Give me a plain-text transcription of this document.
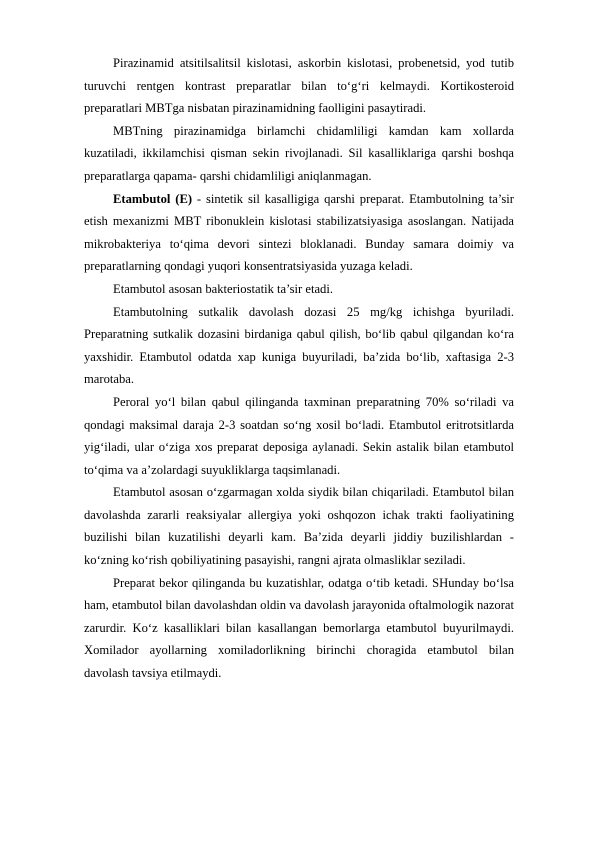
Pirazinamid atsitilsalitsil kislotasi, askorbin kislotasi, probenetsid, yod tutib turuvchi rentgen kontrast preparatlar bilan to‘g‘ri kelmaydi. Kortikosteroid preparatlari MBTga nisbatan pirazinamidning faolligini pasaytiradi.

MBTning pirazinamidga birlamchi chidamliligi kamdan kam xollarda kuzatiladi, ikkilamchisi qisman sekin rivojlanadi. Sil kasalliklariga qarshi boshqa preparatlarga qapama- qarshi chidamliligi aniqlanmagan.

Etambutol (E) - sintetik sil kasalligiga qarshi preparat. Etambutolning ta’sir etish mexanizmi MBT ribonuklein kislotasi stabilizatsiyasiga asoslangan. Natijada mikrobakteriya to‘qima devori sintezi bloklanadi. Bunday samara doimiy va preparatlarning qondagi yuqori konsentratsiyasida yuzaga keladi.

Etambutol asosan bakteriostatik ta’sir etadi.

Etambutolning sutkalik davolash dozasi 25 mg/kg ichishga byuriladi. Preparatning sutkalik dozasini birdaniga qabul qilish, bo‘lib qabul qilgandan ko‘ra yaxshidir. Etambutol odatda xap kuniga buyuriladi, ba’zida bo‘lib, xaftasiga 2-3 marotaba.

Peroral yo‘l bilan qabul qilinganda taxminan preparatning 70% so‘riladi va qondagi maksimal daraja 2-3 soatdan so‘ng xosil bo‘ladi. Etambutol eritrotsitlarda yig‘iladi, ular o‘ziga xos preparat deposiga aylanadi. Sekin astalik bilan etambutol to‘qima va a’zolardagi suyukliklarga taqsimlanadi.

Etambutol asosan o‘zgarmagan xolda siydik bilan chiqariladi. Etambutol bilan davolashda zararli reaksiyalar allergiya yoki oshqozon ichak trakti faoliyatining buzilishi bilan kuzatilishi deyarli kam. Ba’zida deyarli jiddiy buzilishlardan - ko‘zning ko‘rish qobiliyatining pasayishi, rangni ajrata olmasliklar seziladi.

Preparat bekor qilinganda bu kuzatishlar, odatga o‘tib ketadi. SHunday bo‘lsa ham, etambutol bilan davolashdan oldin va davolash jarayonida oftalmologik nazorat zarurdir. Ko‘z kasalliklari bilan kasallangan bemorlarga etambutol buyurilmaydi. Xomilador ayollarning xomiladorlikning birinchi choragida etambutol bilan davolash tavsiya etilmaydi.
